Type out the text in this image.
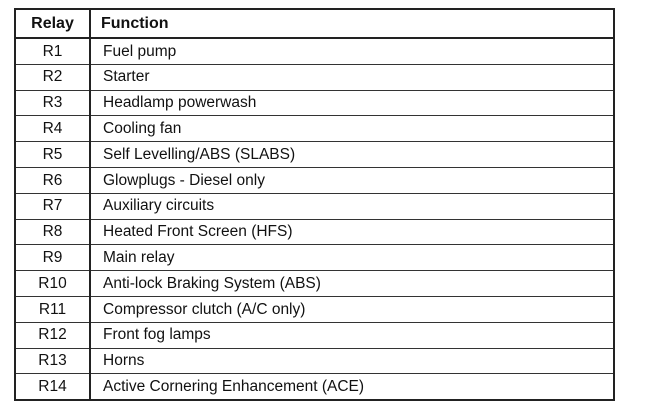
Relay	Function
R1	Fuel pump
R2	Starter
R3	Headlamp powerwash
R4	Cooling fan
R5	Self Levelling/ABS (SLABS)
R6	Glowplugs - Diesel only
R7	Auxiliary circuits
R8	Heated Front Screen (HFS)
R9	Main relay
R10	Anti-lock Braking System (ABS)
R11	Compressor clutch (A/C only)
R12	Front fog lamps
R13	Horns
R14	Active Cornering Enhancement (ACE)
